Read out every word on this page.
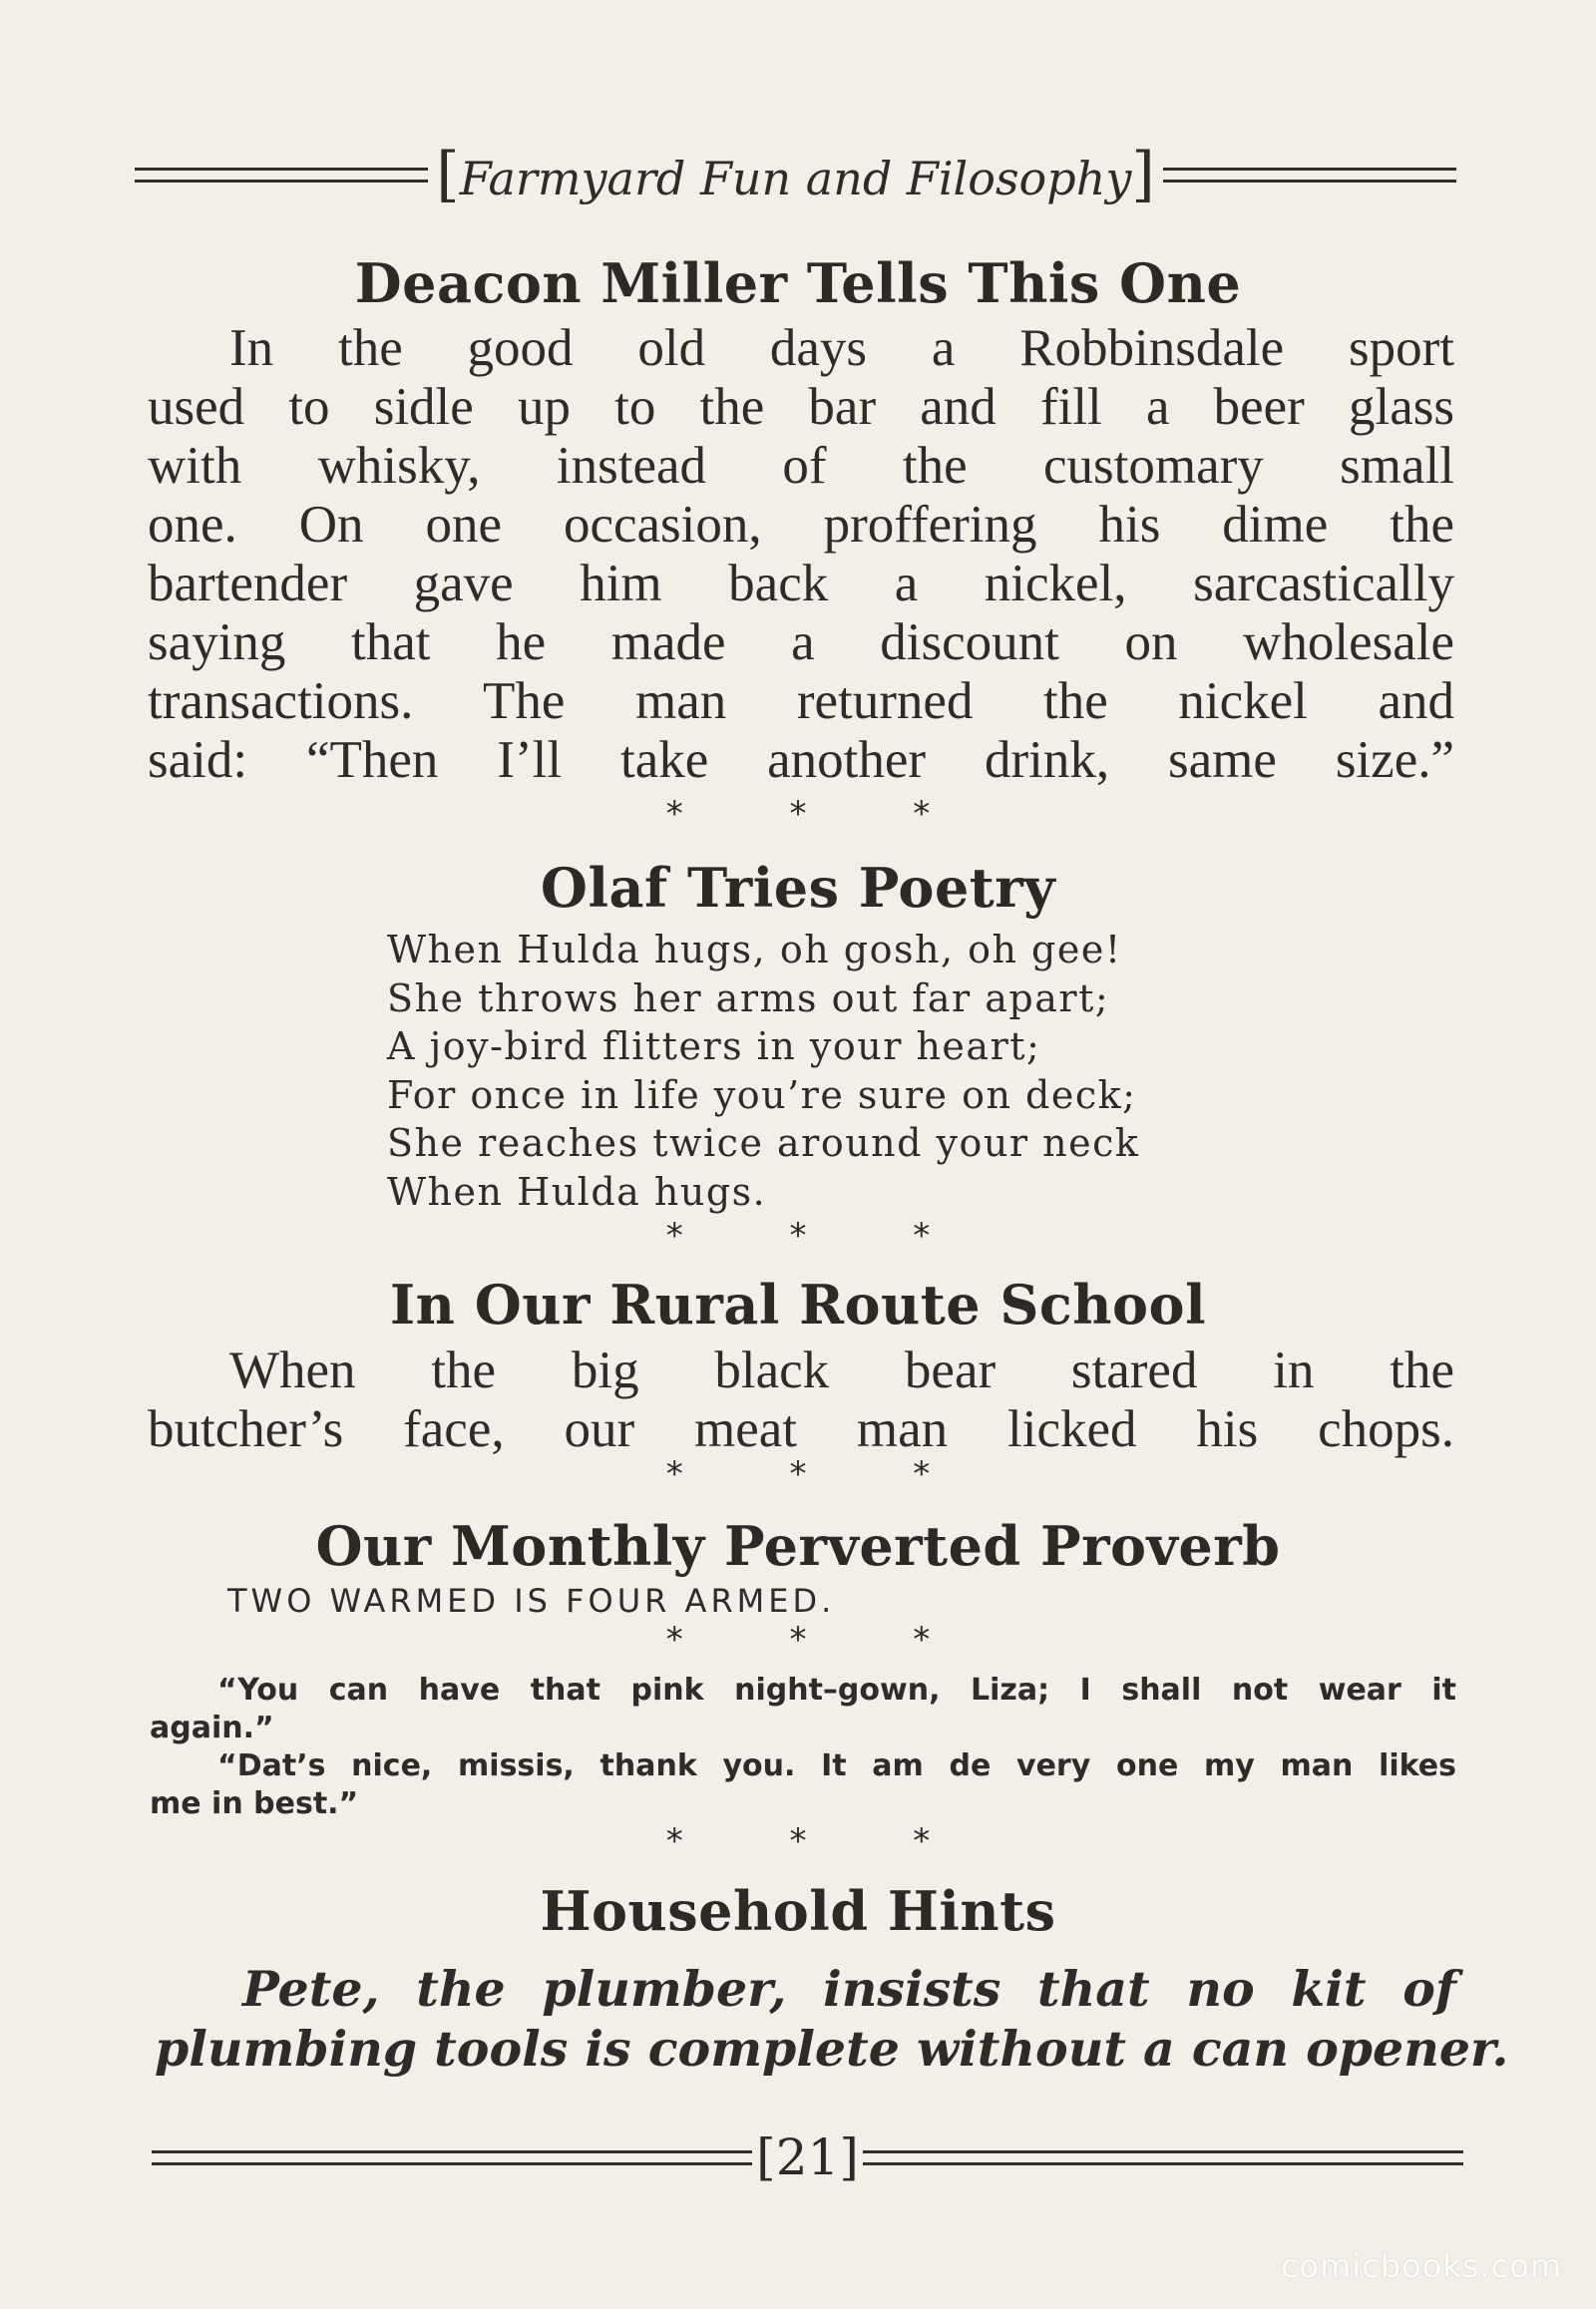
[Farmyard Fun and Filosophy]
Deacon Miller Tells This One
In the good old days a Robbinsdale sport
used to sidle up to the bar and fill a beer glass
with whisky, instead of the customary small
one. On one occasion, proffering his dime the
bartender gave him back a nickel, sarcastically
saying that he made a discount on wholesale
transactions. The man returned the nickel and
said: “Then I’ll take another drink, same size.”
* * *
Olaf Tries Poetry
When Hulda hugs, oh gosh, oh gee!
She throws her arms out far apart;
A joy-bird flitters in your heart;
For once in life you’re sure on deck;
She reaches twice around your neck
When Hulda hugs.
* * *
In Our Rural Route School
When the big black bear stared in the
butcher’s face, our meat man licked his chops.
* * *
Our Monthly Perverted Proverb
TWO WARMED IS FOUR ARMED.
* * *
“You can have that pink night–gown, Liza; I shall not wear it
again.”
“Dat’s nice, missis, thank you. It am de very one my man likes
me in best.”
* * *
Household Hints
Pete, the plumber, insists that no kit of
plumbing tools is complete without a can opener.
[21]
comicbooks.com
